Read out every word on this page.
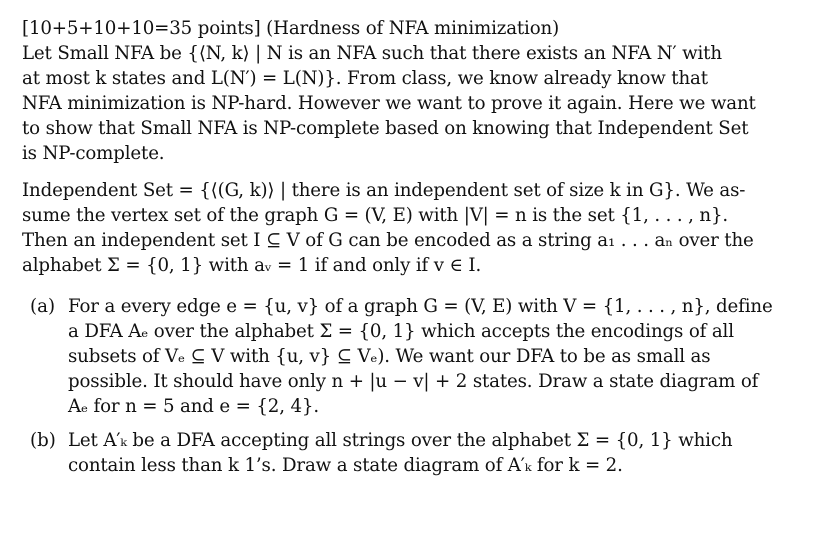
[10+5+10+10=35 points] (Hardness of NFA minimization)
Let Small NFA be {⟨N, k⟩ | N is an NFA such that there exists an NFA N′ with
at most k states and L(N′) = L(N)}. From class, we know already know that
NFA minimization is NP-hard. However we want to prove it again. Here we want
to show that Small NFA is NP-complete based on knowing that Independent Set
is NP-complete.
Independent Set = {⟨(G, k)⟩ | there is an independent set of size k in G}. We as-
sume the vertex set of the graph G = (V, E) with |V| = n is the set {1, . . . , n}.
Then an independent set I ⊆ V of G can be encoded as a string a₁ . . . aₙ over the
alphabet Σ = {0, 1} with aᵥ = 1 if and only if v ∈ I.
(a) For a every edge e = {u, v} of a graph G = (V, E) with V = {1, . . . , n}, define
a DFA Aₑ over the alphabet Σ = {0, 1} which accepts the encodings of all
subsets of Vₑ ⊆ V with {u, v} ⊆ Vₑ). We want our DFA to be as small as
possible. It should have only n + |u − v| + 2 states. Draw a state diagram of
Aₑ for n = 5 and e = {2, 4}.
(b) Let A′ₖ be a DFA accepting all strings over the alphabet Σ = {0, 1} which
contain less than k 1’s. Draw a state diagram of A′ₖ for k = 2.
